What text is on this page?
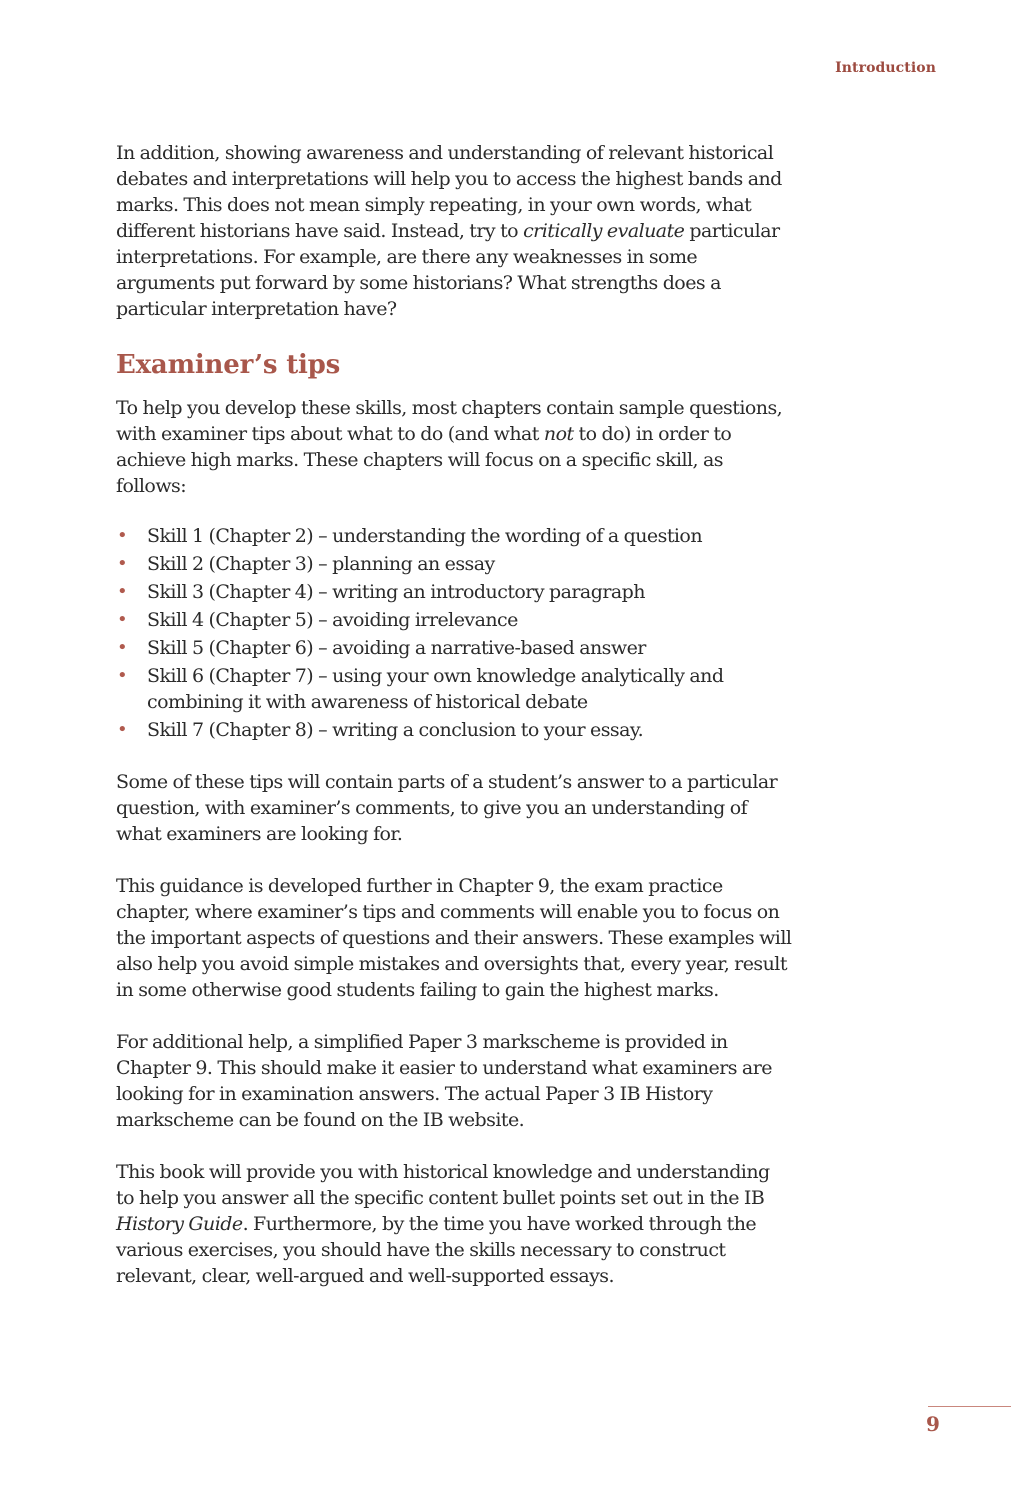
Introduction

In addition, showing awareness and understanding of relevant historical debates and interpretations will help you to access the highest bands and marks. This does not mean simply repeating, in your own words, what different historians have said. Instead, try to critically evaluate particular interpretations. For example, are there any weaknesses in some arguments put forward by some historians? What strengths does a particular interpretation have?

Examiner’s tips

To help you develop these skills, most chapters contain sample questions, with examiner tips about what to do (and what not to do) in order to achieve high marks. These chapters will focus on a specific skill, as follows:

• Skill 1 (Chapter 2) – understanding the wording of a question
• Skill 2 (Chapter 3) – planning an essay
• Skill 3 (Chapter 4) – writing an introductory paragraph
• Skill 4 (Chapter 5) – avoiding irrelevance
• Skill 5 (Chapter 6) – avoiding a narrative-based answer
• Skill 6 (Chapter 7) – using your own knowledge analytically and combining it with awareness of historical debate
• Skill 7 (Chapter 8) – writing a conclusion to your essay.

Some of these tips will contain parts of a student’s answer to a particular question, with examiner’s comments, to give you an understanding of what examiners are looking for.

This guidance is developed further in Chapter 9, the exam practice chapter, where examiner’s tips and comments will enable you to focus on the important aspects of questions and their answers. These examples will also help you avoid simple mistakes and oversights that, every year, result in some otherwise good students failing to gain the highest marks.

For additional help, a simplified Paper 3 markscheme is provided in Chapter 9. This should make it easier to understand what examiners are looking for in examination answers. The actual Paper 3 IB History markscheme can be found on the IB website.

This book will provide you with historical knowledge and understanding to help you answer all the specific content bullet points set out in the IB History Guide. Furthermore, by the time you have worked through the various exercises, you should have the skills necessary to construct relevant, clear, well-argued and well-supported essays.

9
